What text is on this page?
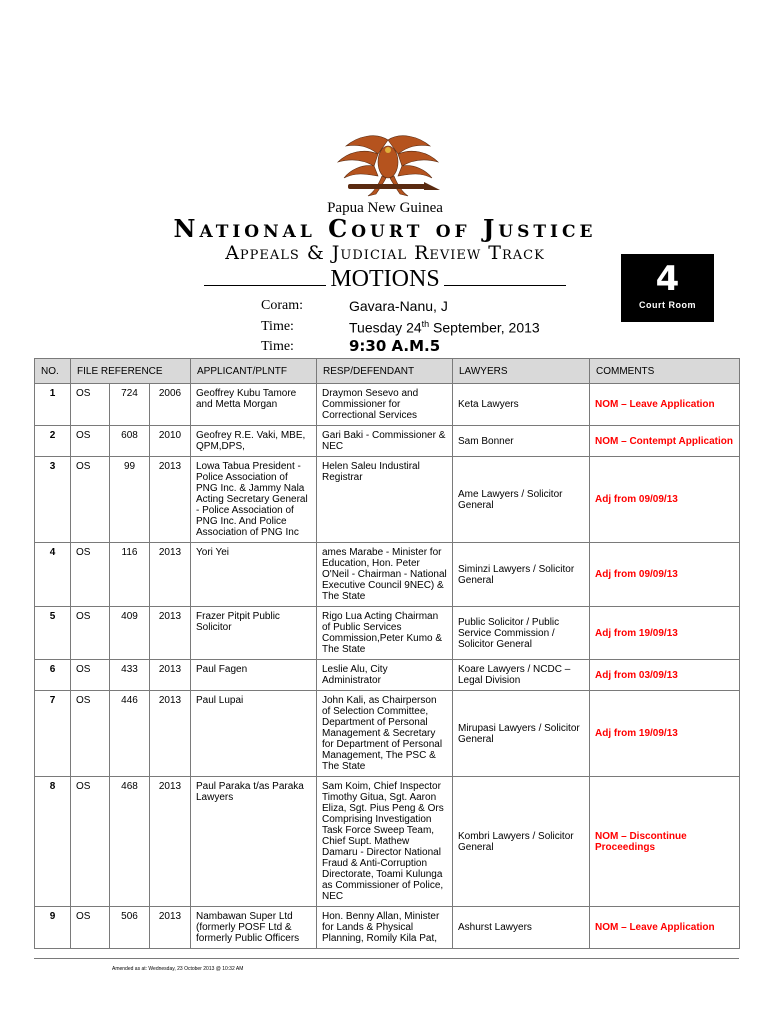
Papua New Guinea
National Court of Justice
Appeals & Judicial Review Track
MOTIONS	4
Court Room
Coram:	Gavara-Nanu, J
Time:	Tuesday 24th September, 2013
Time:	9:30 A.M.5
NO.	FILE REFERENCE			APPLICANT/PLNTF	RESP/DEFENDANT	LAWYERS	COMMENTS
1	OS	724	2006	Geoffrey Kubu Tamore and Metta Morgan	Draymon Sesevo and Commissioner for Correctional Services	Keta Lawyers	NOM – Leave Application
2	OS	608	2010	Geofrey R.E. Vaki, MBE, QPM,DPS,	Gari Baki - Commissioner & NEC	Sam Bonner	NOM – Contempt Application
3	OS	99	2013	Lowa Tabua President - Police Association of PNG Inc. & Jammy Nala Acting Secretary General - Police Association of PNG Inc. And Police Association of PNG Inc	Helen Saleu Industiral Registrar	Ame Lawyers / Solicitor General	Adj from 09/09/13
4	OS	116	2013	Yori Yei	ames Marabe - Minister for Education, Hon. Peter O'Neil - Chairman - National Executive Council 9NEC) & The State	Siminzi Lawyers / Solicitor General	Adj from 09/09/13
5	OS	409	2013	Frazer Pitpit Public Solicitor	Rigo Lua Acting Chairman of Public Services Commission,Peter Kumo & The State	Public Solicitor / Public Service Commission / Solicitor General	Adj from 19/09/13
6	OS	433	2013	Paul Fagen	Leslie Alu, City Administrator	Koare Lawyers / NCDC – Legal Division	Adj from 03/09/13
7	OS	446	2013	Paul Lupai	John Kali, as Chairperson of Selection Committee, Department of Personal Management & Secretary for Department of Personal Management, The PSC & The State	Mirupasi Lawyers / Solicitor General	Adj from 19/09/13
8	OS	468	2013	Paul Paraka t/as Paraka Lawyers	Sam Koim, Chief Inspector Timothy Gitua, Sgt. Aaron Eliza, Sgt. Pius Peng & Ors Comprising Investigation Task Force Sweep Team, Chief Supt. Mathew Damaru - Director National Fraud & Anti-Corruption Directorate, Toami Kulunga as Commissioner of Police, NEC	Kombri Lawyers / Solicitor General	NOM – Discontinue Proceedings
9	OS	506	2013	Nambawan Super Ltd (formerly POSF Ltd & formerly Public Officers	Hon. Benny Allan, Minister for Lands & Physical Planning, Romily Kila Pat,	Ashurst Lawyers	NOM – Leave Application
Amended as at: Wednesday, 23 October 2013 @ 10:32 AM
